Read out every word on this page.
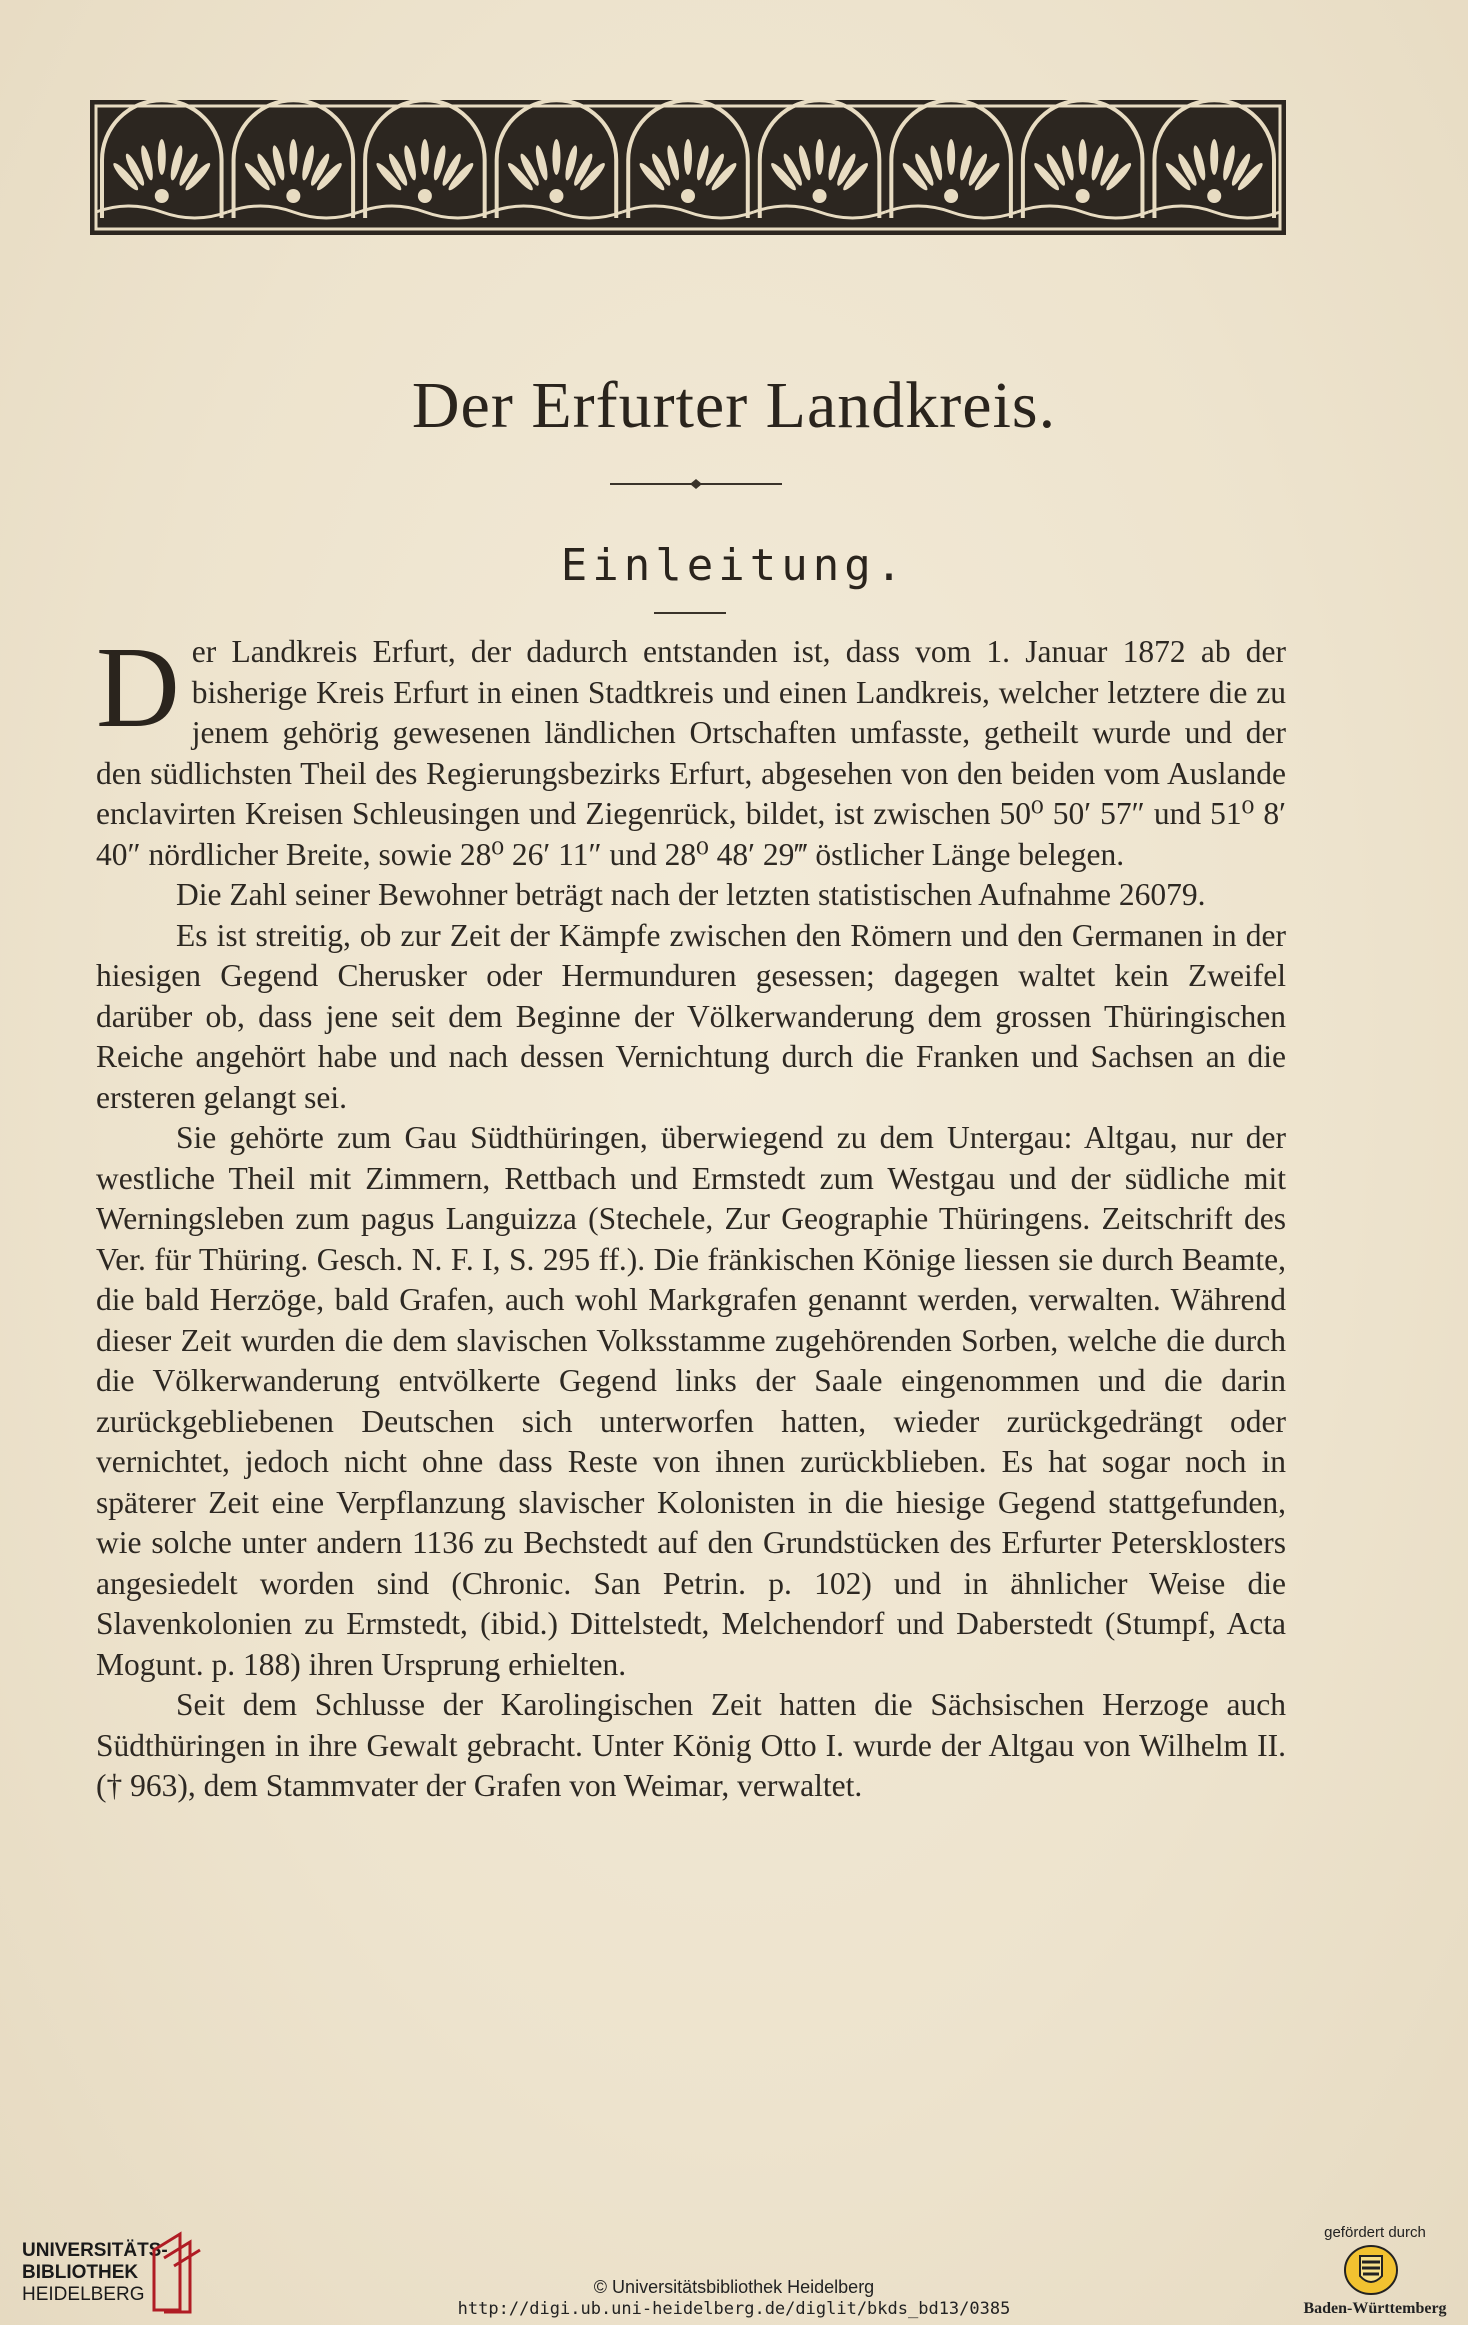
Der Erfurter Landkreis.
Einleitung.

Der Landkreis Erfurt, der dadurch entstanden ist, dass vom 1. Januar 1872 ab der bisherige Kreis Erfurt in einen Stadtkreis und einen Landkreis, welcher letztere die zu jenem gehörig gewesenen ländlichen Ortschaften umfasste, getheilt wurde und der den südlichsten Theil des Regierungsbezirks Erfurt, abgesehen von den beiden vom Auslande enclavirten Kreisen Schleusingen und Ziegenrück, bildet, ist zwischen 50⁰ 50′ 57″ und 51⁰ 8′ 40″ nördlicher Breite, sowie 28⁰ 26′ 11″ und 28⁰ 48′ 29‴ östlicher Länge belegen.

Die Zahl seiner Bewohner beträgt nach der letzten statistischen Aufnahme 26079.

Es ist streitig, ob zur Zeit der Kämpfe zwischen den Römern und den Germanen in der hiesigen Gegend Cherusker oder Hermunduren gesessen; dagegen waltet kein Zweifel darüber ob, dass jene seit dem Beginne der Völkerwanderung dem grossen Thüringischen Reiche angehört habe und nach dessen Vernichtung durch die Franken und Sachsen an die ersteren gelangt sei.

Sie gehörte zum Gau Südthüringen, überwiegend zu dem Untergau: Altgau, nur der westliche Theil mit Zimmern, Rettbach und Ermstedt zum Westgau und der südliche mit Werningsleben zum pagus Languizza (Stechele, Zur Geographie Thüringens. Zeitschrift des Ver. für Thüring. Gesch. N. F. I, S. 295 ff.). Die fränkischen Könige liessen sie durch Beamte, die bald Herzöge, bald Grafen, auch wohl Markgrafen genannt werden, verwalten. Während dieser Zeit wurden die dem slavischen Volksstamme zugehörenden Sorben, welche die durch die Völkerwanderung entvölkerte Gegend links der Saale eingenommen und die darin zurückgebliebenen Deutschen sich unterworfen hatten, wieder zurückgedrängt oder vernichtet, jedoch nicht ohne dass Reste von ihnen zurückblieben. Es hat sogar noch in späterer Zeit eine Verpflanzung slavischer Kolonisten in die hiesige Gegend stattgefunden, wie solche unter andern 1136 zu Bechstedt auf den Grundstücken des Erfurter Petersklosters angesiedelt worden sind (Chronic. San Petrin. p. 102) und in ähnlicher Weise die Slavenkolonien zu Ermstedt, (ibid.) Dittelstedt, Melchendorf und Daberstedt (Stumpf, Acta Mogunt. p. 188) ihren Ursprung erhielten.

Seit dem Schlusse der Karolingischen Zeit hatten die Sächsischen Herzoge auch Südthüringen in ihre Gewalt gebracht. Unter König Otto I. wurde der Altgau von Wilhelm II. († 963), dem Stammvater der Grafen von Weimar, verwaltet.

UNIVERSITÄTS-
BIBLIOTHEK
HEIDELBERG	© Universitätsbibliothek Heidelberg
http://digi.ub.uni-heidelberg.de/diglit/bkds_bd13/0385
gefördert durch
Baden-Württemberg
